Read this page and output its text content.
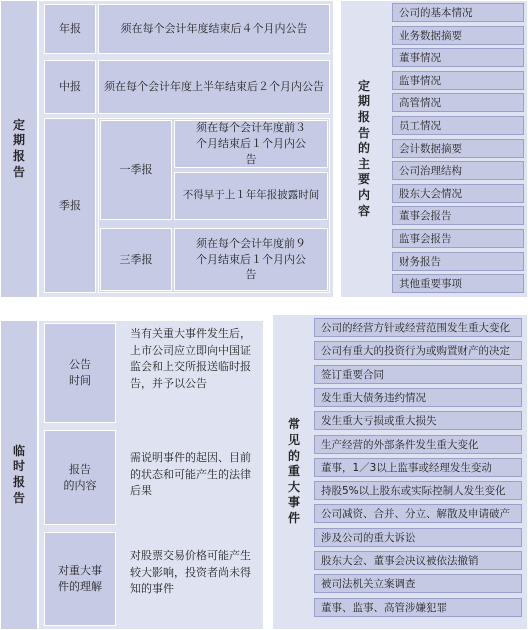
定
期
报
告
年报	须在每个会计年度结束后４个月内公告
中报	须在每个会计年度上半年结束后２个月内公告
季报
一季报
须在每个会计年度前３个月结束后１个月内公告
不得早于上１年年报披露时间
三季报
须在每个会计年度前９个月结束后１个月内公告
定
期
报
告
的
主
要
内
容
公司的基本情况
业务数据摘要
董事情况
监事情况
高管情况
员工情况
会计数据摘要
公司治理结构
股东大会情况
董事会报告
监事会报告
财务报告
其他重要事项
临
时
报
告
公告
时间
当有关重大事件发生后，上市公司应立即向中国证监会和上交所报送临时报告，并予以公告
报告
的内容
需说明事件的起因、目前的状态和可能产生的法律后果
对重大事
件的理解
对股票交易价格可能产生较大影响，投资者尚未得知的事件
常
见
的
重
大
事
件
公司的经营方针或经营范围发生重大变化
公司有重大的投资行为或购置财产的决定
签订重要合同
发生重大债务违约情况
发生重大亏损或重大损失
生产经营的外部条件发生重大变化
董事，1／3以上监事或经理发生变动
持股5%以上股东或实际控制人发生变化
公司减资、合并、分立、解散及申请破产
涉及公司的重大诉讼
股东大会、董事会决议被依法撤销
被司法机关立案调查
董事、监事、高管涉嫌犯罪
